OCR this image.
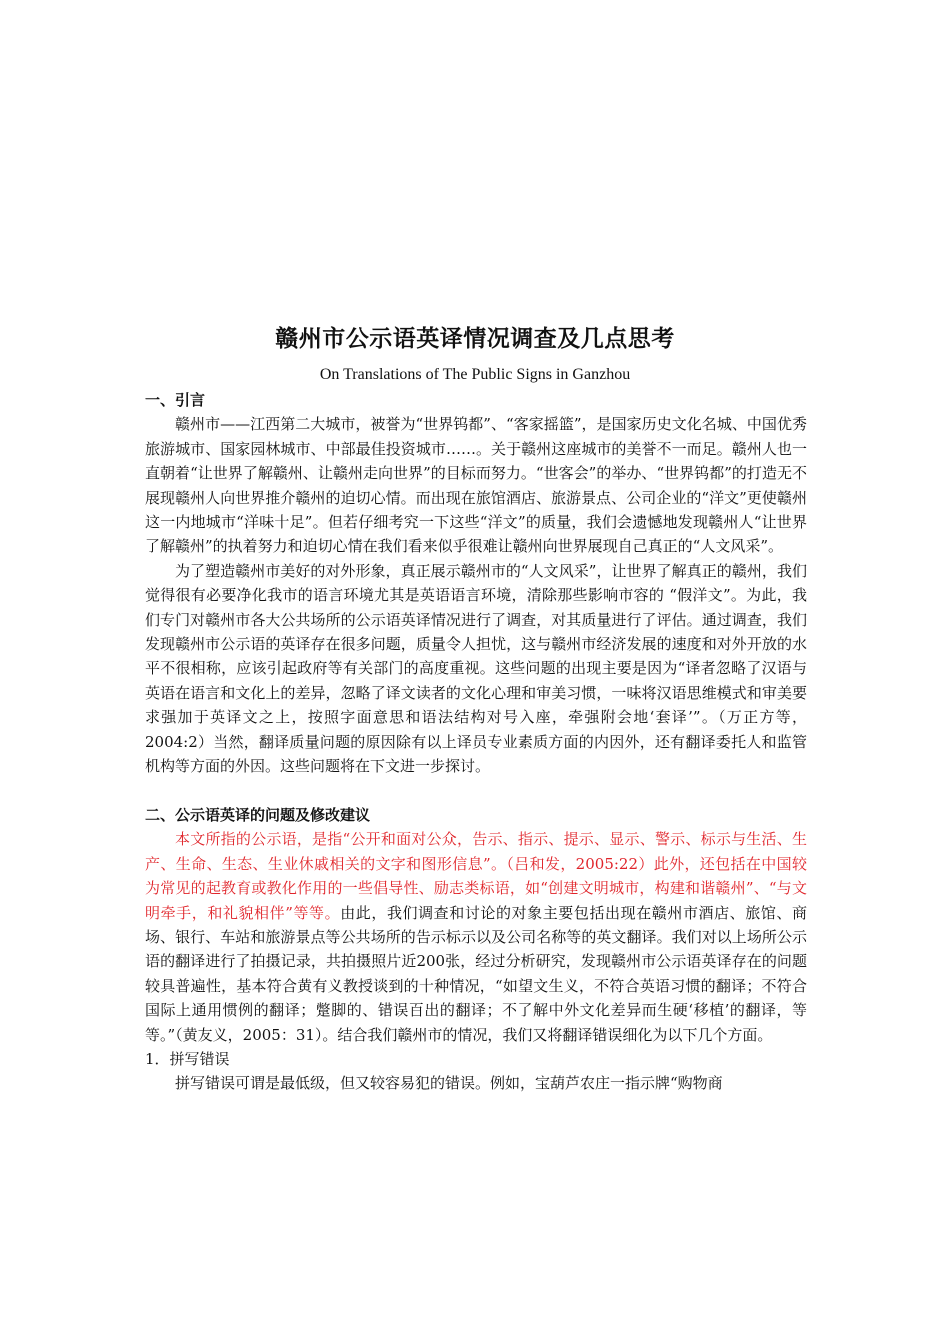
赣州市公示语英译情况调查及几点思考
On Translations of The Public Signs in Ganzhou

一、引言

赣州市——江西第二大城市，被誉为“世界钨都”、“客家摇篮”，是国家历史文化名城、中国优秀旅游城市、国家园林城市、中部最佳投资城市……。关于赣州这座城市的美誉不一而足。赣州人也一直朝着“让世界了解赣州、让赣州走向世界”的目标而努力。“世客会”的举办、“世界钨都”的打造无不展现赣州人向世界推介赣州的迫切心情。而出现在旅馆酒店、旅游景点、公司企业的“洋文”更使赣州这一内地城市“洋味十足”。但若仔细考究一下这些“洋文”的质量，我们会遗憾地发现赣州人“让世界了解赣州”的执着努力和迫切心情在我们看来似乎很难让赣州向世界展现自己真正的“人文风采”。

为了塑造赣州市美好的对外形象，真正展示赣州市的“人文风采”，让世界了解真正的赣州，我们觉得很有必要净化我市的语言环境尤其是英语语言环境，清除那些影响市容的 “假洋文”。为此，我们专门对赣州市各大公共场所的公示语英译情况进行了调查，对其质量进行了评估。通过调查，我们发现赣州市公示语的英译存在很多问题，质量令人担忧，这与赣州市经济发展的速度和对外开放的水平不很相称，应该引起政府等有关部门的高度重视。这些问题的出现主要是因为“译者忽略了汉语与英语在语言和文化上的差异，忽略了译文读者的文化心理和审美习惯，一味将汉语思维模式和审美要求强加于英译文之上，按照字面意思和语法结构对号入座，牵强附会地‘套译’”。（万正方等，2004:2）当然，翻译质量问题的原因除有以上译员专业素质方面的内因外，还有翻译委托人和监管机构等方面的外因。这些问题将在下文进一步探讨。

二、公示语英译的问题及修改建议

本文所指的公示语，是指“公开和面对公众，告示、指示、提示、显示、警示、标示与生活、生产、生命、生态、生业休戚相关的文字和图形信息”。（吕和发，2005:22）此外，还包括在中国较为常见的起教育或教化作用的一些倡导性、励志类标语，如“创建文明城市，构建和谐赣州”、“与文明牵手，和礼貌相伴”等等。由此，我们调查和讨论的对象主要包括出现在赣州市酒店、旅馆、商场、银行、车站和旅游景点等公共场所的告示标示以及公司名称等的英文翻译。我们对以上场所公示语的翻译进行了拍摄记录，共拍摄照片近200张，经过分析研究，发现赣州市公示语英译存在的问题较具普遍性，基本符合黄有义教授谈到的十种情况，“如望文生义，不符合英语习惯的翻译；不符合国际上通用惯例的翻译；蹩脚的、错误百出的翻译；不了解中外文化差异而生硬‘移植’的翻译，等等。”（黄友义，2005：31）。结合我们赣州市的情况，我们又将翻译错误细化为以下几个方面。

1．拼写错误

拼写错误可谓是最低级，但又较容易犯的错误。例如，宝葫芦农庄一指示牌“购物商
